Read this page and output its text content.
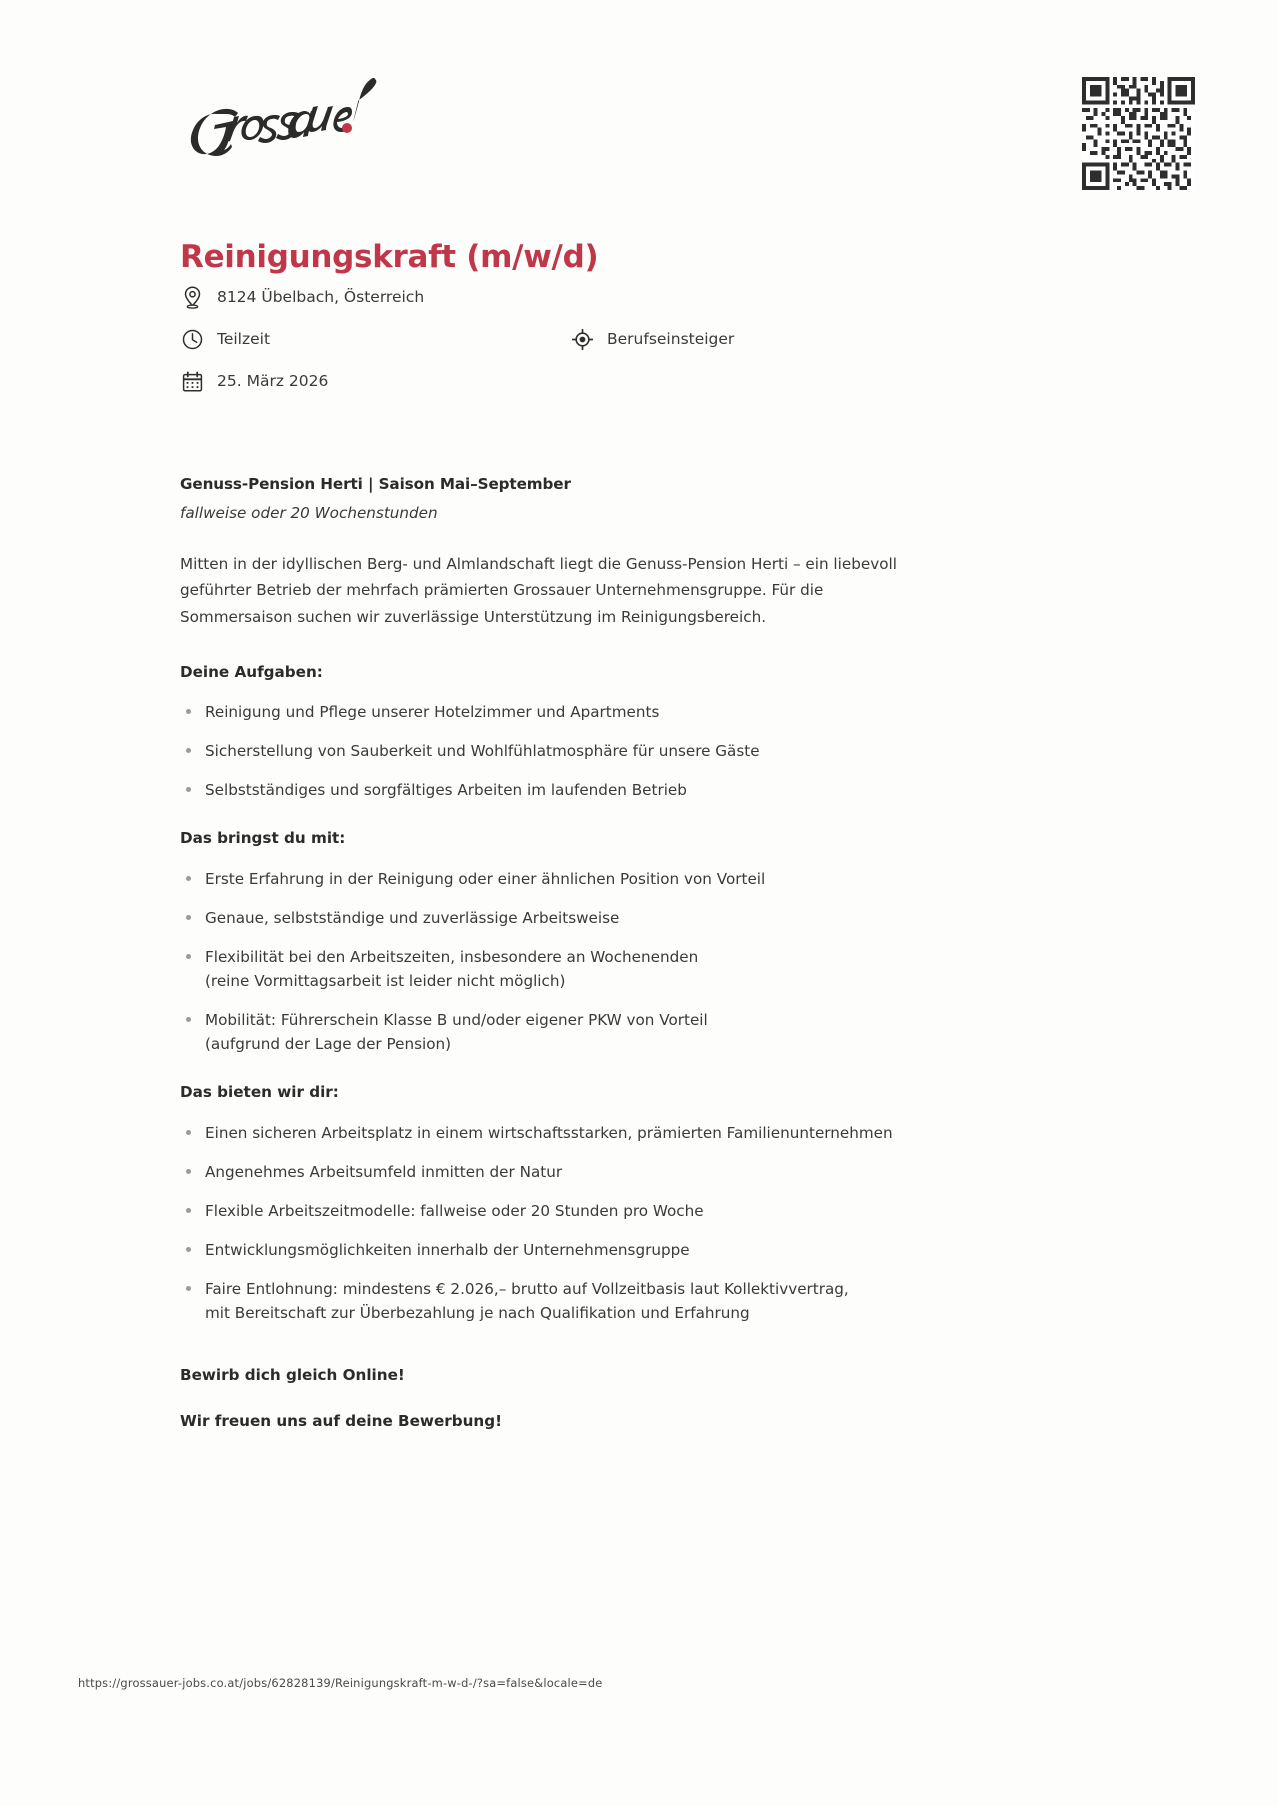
Reinigungskraft (m/w/d)
8124 Übelbach, Österreich
Teilzeit	Berufseinsteiger
25. März 2026

Genuss-Pension Herti | Saison Mai–September

fallweise oder 20 Wochenstunden

Mitten in der idyllischen Berg- und Almlandschaft liegt die Genuss-Pension Herti – ein liebevoll geführter Betrieb der mehrfach prämierten Grossauer Unternehmensgruppe. Für die Sommersaison suchen wir zuverlässige Unterstützung im Reinigungsbereich.

Deine Aufgaben:
Reinigung und Pflege unserer Hotelzimmer und Apartments
Sicherstellung von Sauberkeit und Wohlfühlatmosphäre für unsere Gäste
Selbstständiges und sorgfältiges Arbeiten im laufenden Betrieb
Das bringst du mit:
Erste Erfahrung in der Reinigung oder einer ähnlichen Position von Vorteil
Genaue, selbstständige und zuverlässige Arbeitsweise
Flexibilität bei den Arbeitszeiten, insbesondere an Wochenenden
(reine Vormittagsarbeit ist leider nicht möglich)
Mobilität: Führerschein Klasse B und/oder eigener PKW von Vorteil
(aufgrund der Lage der Pension)
Das bieten wir dir:
Einen sicheren Arbeitsplatz in einem wirtschaftsstarken, prämierten Familienunternehmen
Angenehmes Arbeitsumfeld inmitten der Natur
Flexible Arbeitszeitmodelle: fallweise oder 20 Stunden pro Woche
Entwicklungsmöglichkeiten innerhalb der Unternehmensgruppe
Faire Entlohnung: mindestens € 2.026,– brutto auf Vollzeitbasis laut Kollektivvertrag,
mit Bereitschaft zur Überbezahlung je nach Qualifikation und Erfahrung

Bewirb dich gleich Online!

Wir freuen uns auf deine Bewerbung!

https://grossauer-jobs.co.at/jobs/62828139/Reinigungskraft-m-w-d-/?sa=false&locale=de
